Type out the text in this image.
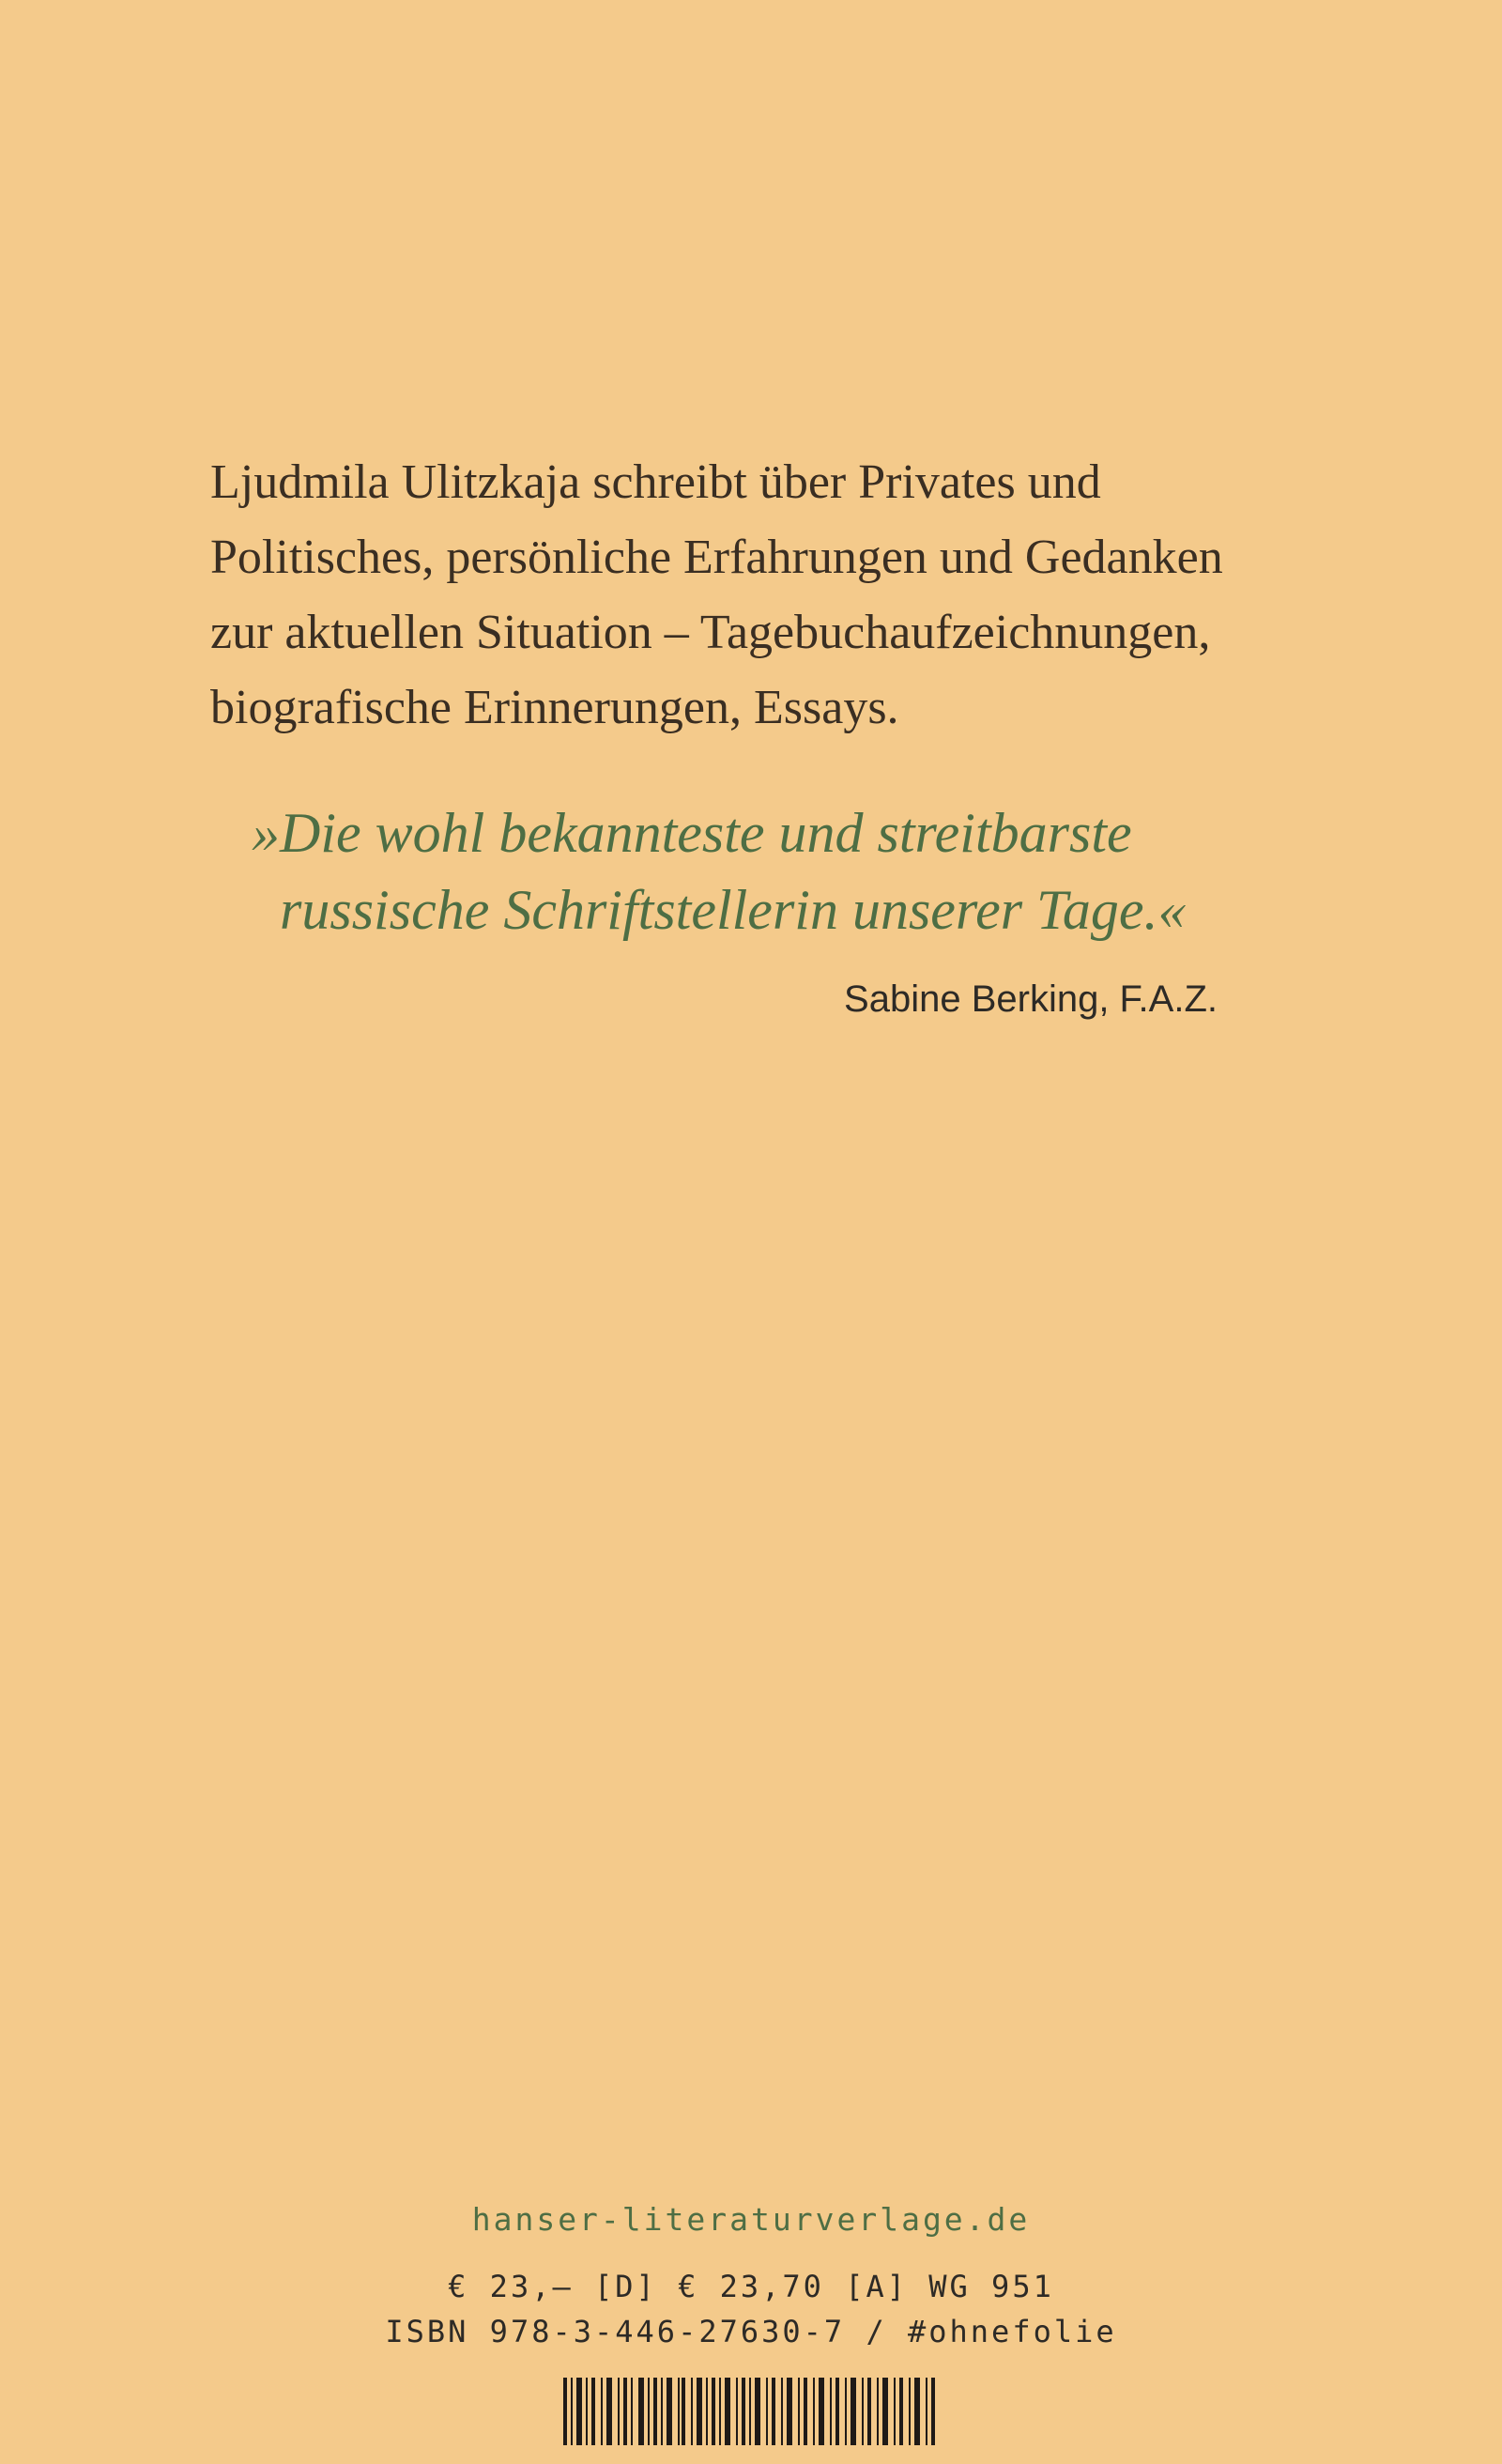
Ljudmila Ulitzkaja schreibt über Privates und
Politisches, persönliche Erfahrungen und Gedanken
zur aktuellen Situation – Tagebuchaufzeichnungen,
biografische Erinnerungen, Essays.

»Die wohl bekannteste und streitbarste
russische Schriftstellerin unserer Tage.«

Sabine Berking, F.A.Z.

hanser-literaturverlage.de
€ 23,– [D] € 23,70 [A] WG 951
ISBN 978-3-446-27630-7 / #ohnefolie
